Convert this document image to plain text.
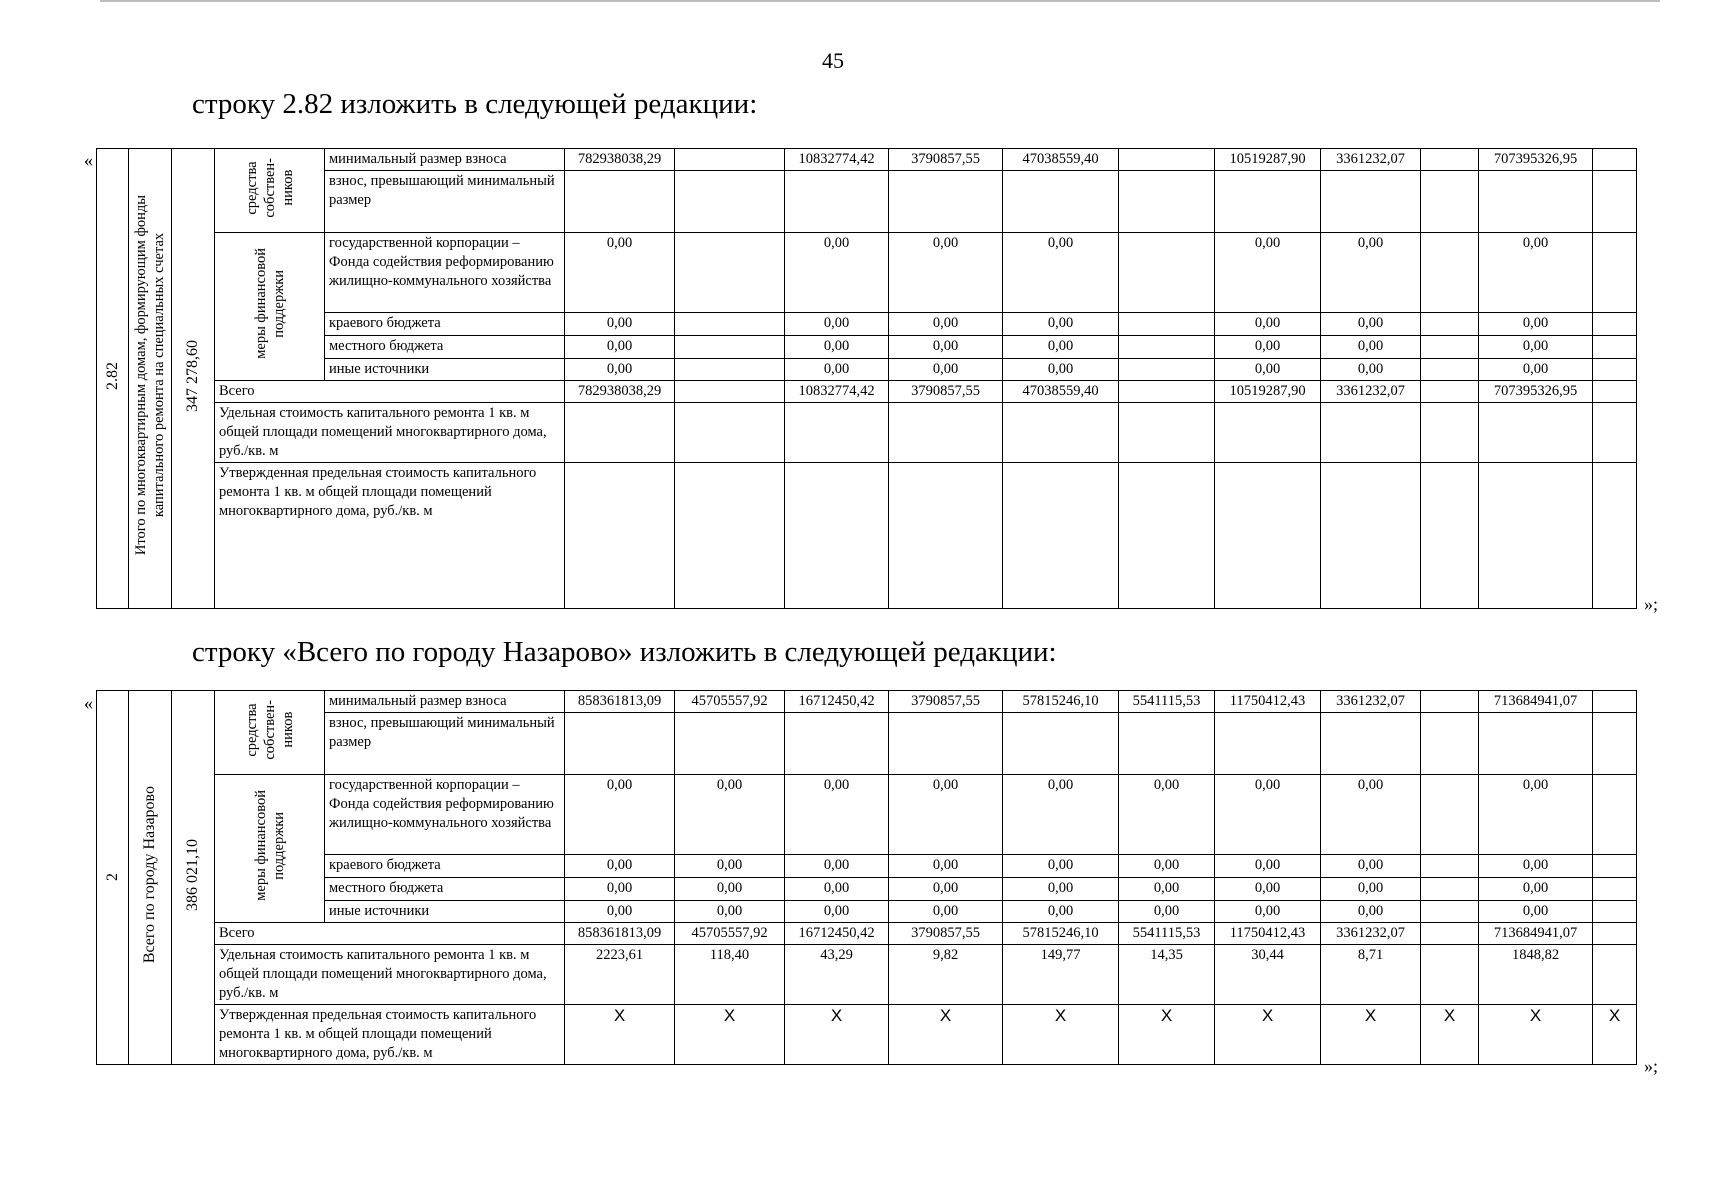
45
строку 2.82 изложить в следующей редакции:
«
»;
строку «Всего по городу Назарово» изложить в следующей редакции:
«
»;
2.82	Итого по многоквартирным домам, формирующим фонды капитального ремонта на специальных счетах	347 278,60	средства собствен- ников	минимальный размер взноса	782938038,29		10832774,42	3790857,55	47038559,40		10519287,90	3361232,07		707395326,95	
				взнос, превышающий минимальный размер											
			меры финансовой поддержки	государственной корпорации – Фонда содействия реформированию жилищно-коммунального хозяйства	0,00		0,00	0,00	0,00		0,00	0,00		0,00	
				краевого бюджета	0,00		0,00	0,00	0,00		0,00	0,00		0,00	
				местного бюджета	0,00		0,00	0,00	0,00		0,00	0,00		0,00	
				иные источники	0,00		0,00	0,00	0,00		0,00	0,00		0,00	
			Всего		782938038,29		10832774,42	3790857,55	47038559,40		10519287,90	3361232,07		707395326,95	
			Удельная стоимость капитального ремонта 1 кв. м общей площади помещений многоквартирного дома, руб./кв. м												
			Утвержденная предельная стоимость капитального ремонта 1 кв. м общей площади помещений многоквартирного дома, руб./кв. м												
2	Всего по городу Назарово	386 021,10	средства собствен- ников	минимальный размер взноса	858361813,09	45705557,92	16712450,42	3790857,55	57815246,10	5541115,53	11750412,43	3361232,07		713684941,07	
				взнос, превышающий минимальный размер											
			меры финансовой поддержки	государственной корпорации – Фонда содействия реформированию жилищно-коммунального хозяйства	0,00	0,00	0,00	0,00	0,00	0,00	0,00	0,00		0,00	
				краевого бюджета	0,00	0,00	0,00	0,00	0,00	0,00	0,00	0,00		0,00	
				местного бюджета	0,00	0,00	0,00	0,00	0,00	0,00	0,00	0,00		0,00	
				иные источники	0,00	0,00	0,00	0,00	0,00	0,00	0,00	0,00		0,00	
			Всего		858361813,09	45705557,92	16712450,42	3790857,55	57815246,10	5541115,53	11750412,43	3361232,07		713684941,07	
			Удельная стоимость капитального ремонта 1 кв. м общей площади помещений многоквартирного дома, руб./кв. м		2223,61	118,40	43,29	9,82	149,77	14,35	30,44	8,71		1848,82	
			Утвержденная предельная стоимость капитального ремонта 1 кв. м общей площади помещений многоквартирного дома, руб./кв. м		X	X	X	X	X	X	X	X	X	X	X
